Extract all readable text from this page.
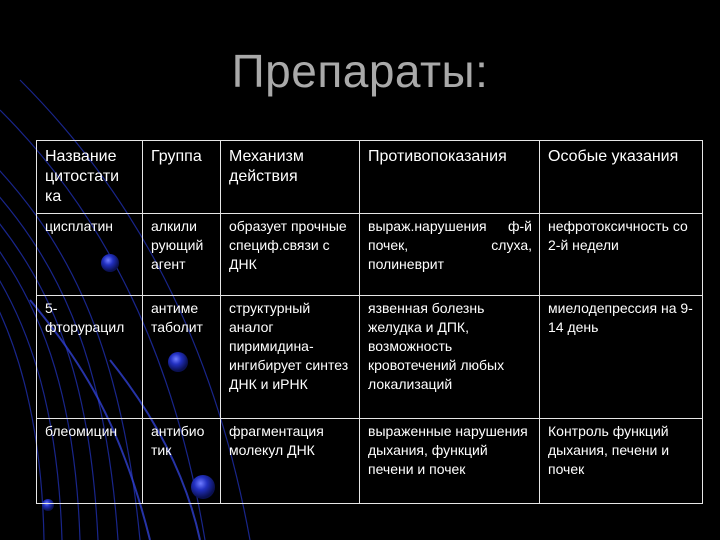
Препараты:
Название
цитостати
ка	Группа	Механизм действия	Противопоказания	Особые указания
цисплатин	алкили рующий агент	образует прочные специф.связи с ДНК	выраж.нарушения ф-й почек, слуха, полиневрит	нефротоксичность со 2-й недели
5-фторурацил	антиме таболит	структурный аналог пиримидина-ингибирует синтез ДНК и иРНК	язвенная болезнь желудка и ДПК, возможность кровотечений любых локализаций	миелодепрессия на 9-14 день
блеомицин	антибио тик	фрагментация молекул ДНК	выраженные нарушения дыхания, функций печени и почек	Контроль функций дыхания, печени и почек
